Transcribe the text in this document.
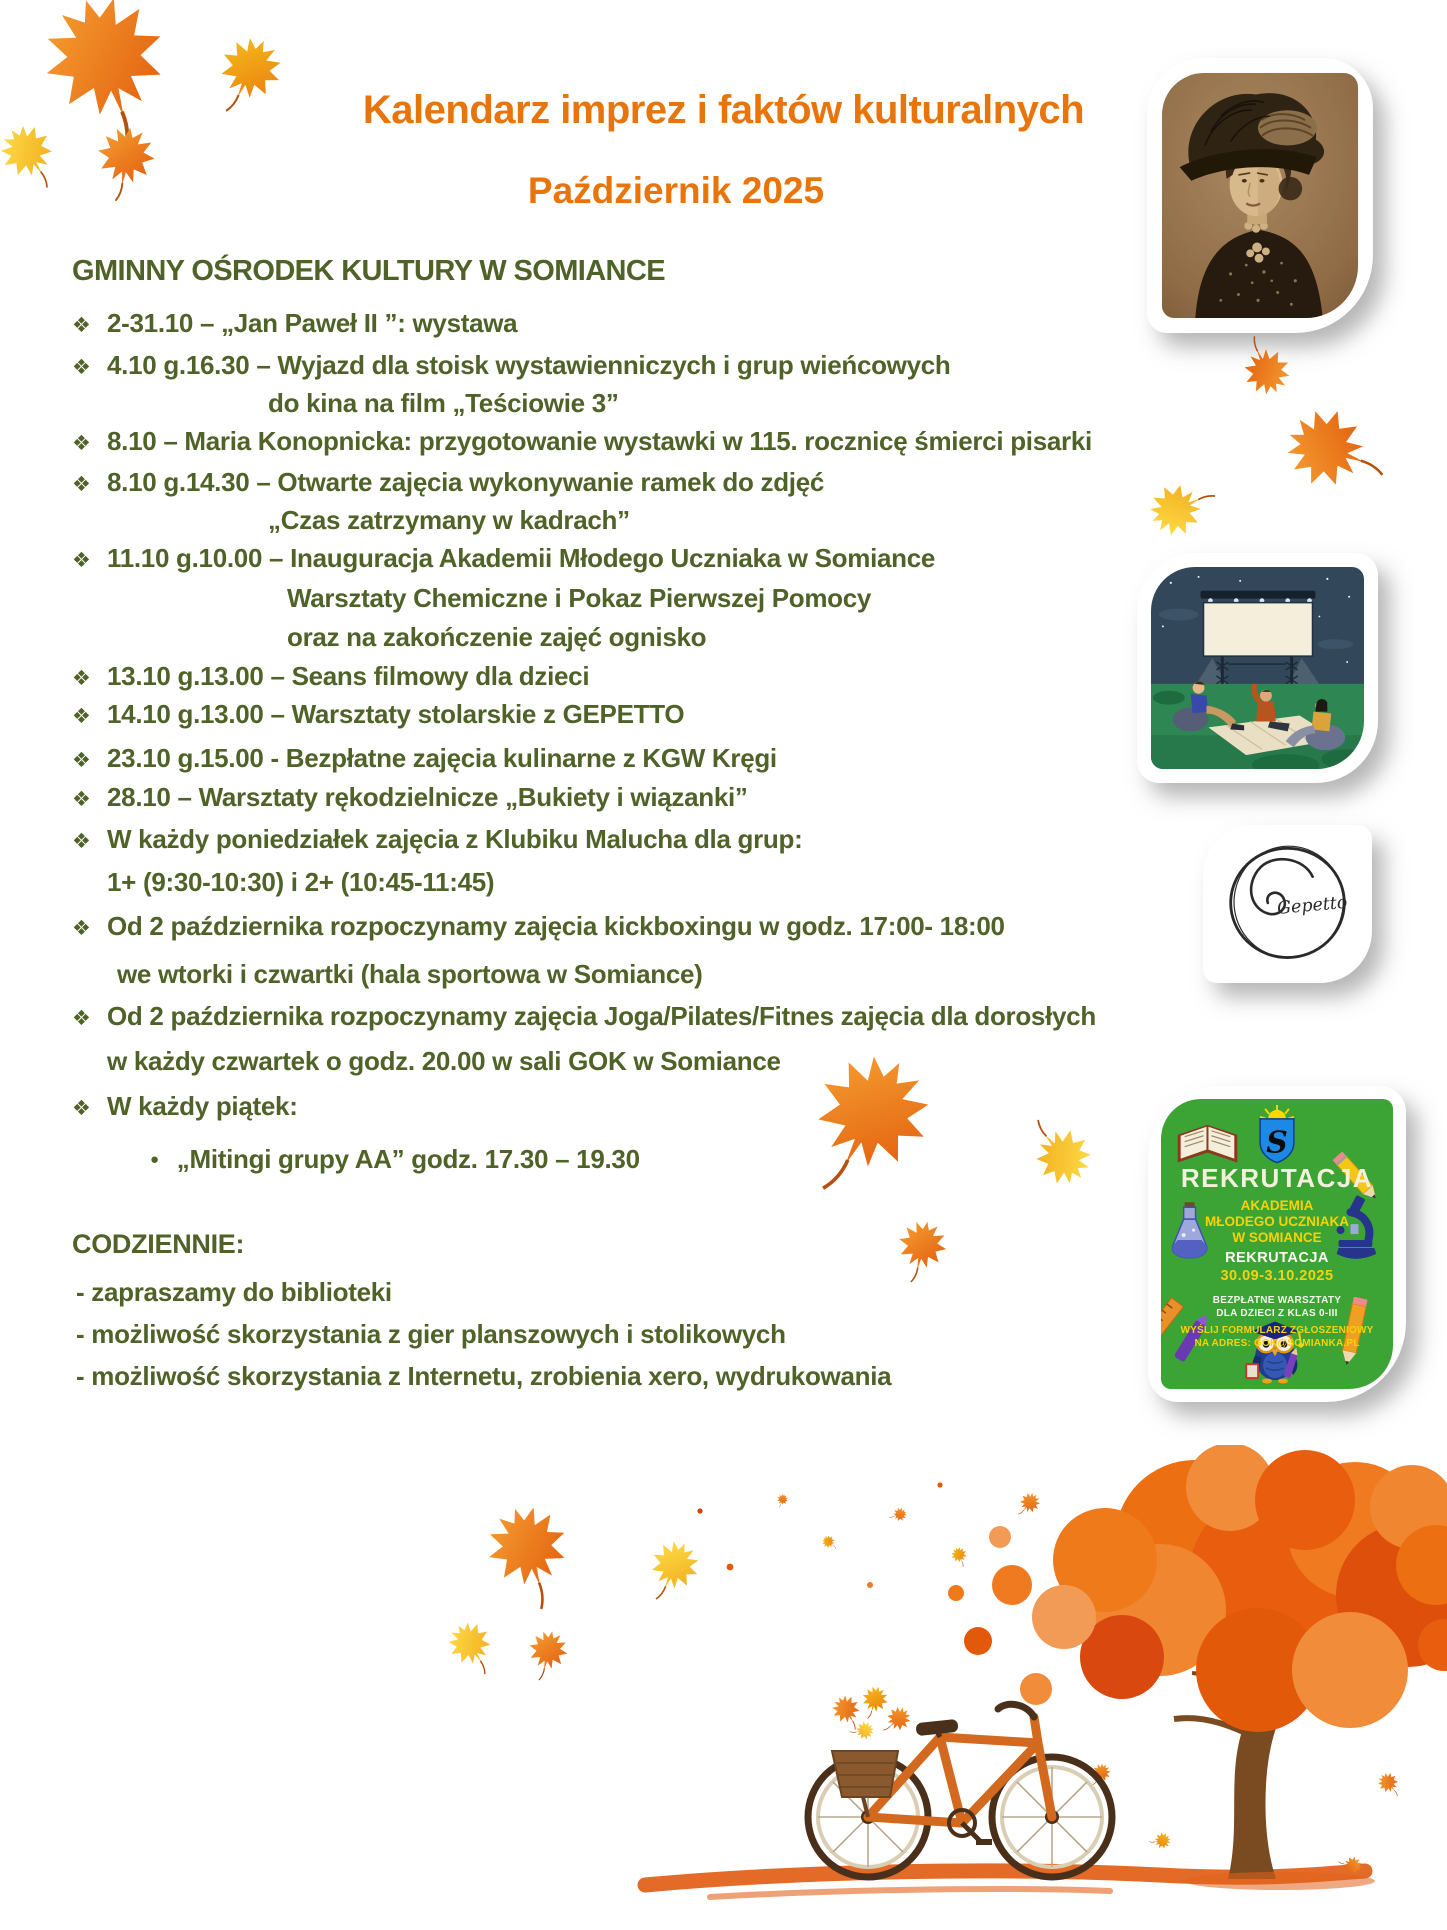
Kalendarz imprez i faktów kulturalnych
Październik 2025
GMINNY OŚRODEK KULTURY W SOMIANCE
❖ 2-31.10 – „Jan Paweł II ”: wystawa
❖ 4.10 g.16.30 – Wyjazd dla stoisk wystawienniczych i grup wieńcowych
do kina na film „Teściowie 3”
❖ 8.10 – Maria Konopnicka: przygotowanie wystawki w 115. rocznicę śmierci pisarki
❖ 8.10 g.14.30 – Otwarte zajęcia wykonywanie ramek do zdjęć
„Czas zatrzymany w kadrach”
❖ 11.10 g.10.00 – Inauguracja Akademii Młodego Uczniaka w Somiance
Warsztaty Chemiczne i Pokaz Pierwszej Pomocy
oraz na zakończenie zajęć ognisko
❖ 13.10 g.13.00 – Seans filmowy dla dzieci
❖ 14.10 g.13.00 – Warsztaty stolarskie z GEPETTO
❖ 23.10 g.15.00 - Bezpłatne zajęcia kulinarne z KGW Kręgi
❖ 28.10 – Warsztaty rękodzielnicze „Bukiety i wiązanki”
❖ W każdy poniedziałek zajęcia z Klubiku Malucha dla grup:
1+ (9:30-10:30) i 2+ (10:45-11:45)
❖ Od 2 października rozpoczynamy zajęcia kickboxingu w godz. 17:00- 18:00
we wtorki i czwartki (hala sportowa w Somiance)
❖ Od 2 października rozpoczynamy zajęcia Joga/Pilates/Fitnes zajęcia dla dorosłych
w każdy czwartek o godz. 20.00 w sali GOK w Somiance
❖ W każdy piątek:
● „Mitingi grupy AA” godz. 17.30 – 19.30
CODZIENNIE:
- zapraszamy do biblioteki
- możliwość skorzystania z gier planszowych i stolikowych
- możliwość skorzystania z Internetu, zrobienia xero, wydrukowania
Gepetto
S
REKRUTACJA
AKADEMIA
MŁODEGO UCZNIAKA
W SOMIANCE
REKRUTACJA
30.09-3.10.2025
BEZPŁATNE WARSZTATY
DLA DZIECI Z KLAS 0-III
WYŚLIJ FORMULARZ ZGŁOSZENIOWY
NA ADRES: GOK@SOMIANKA.PL
